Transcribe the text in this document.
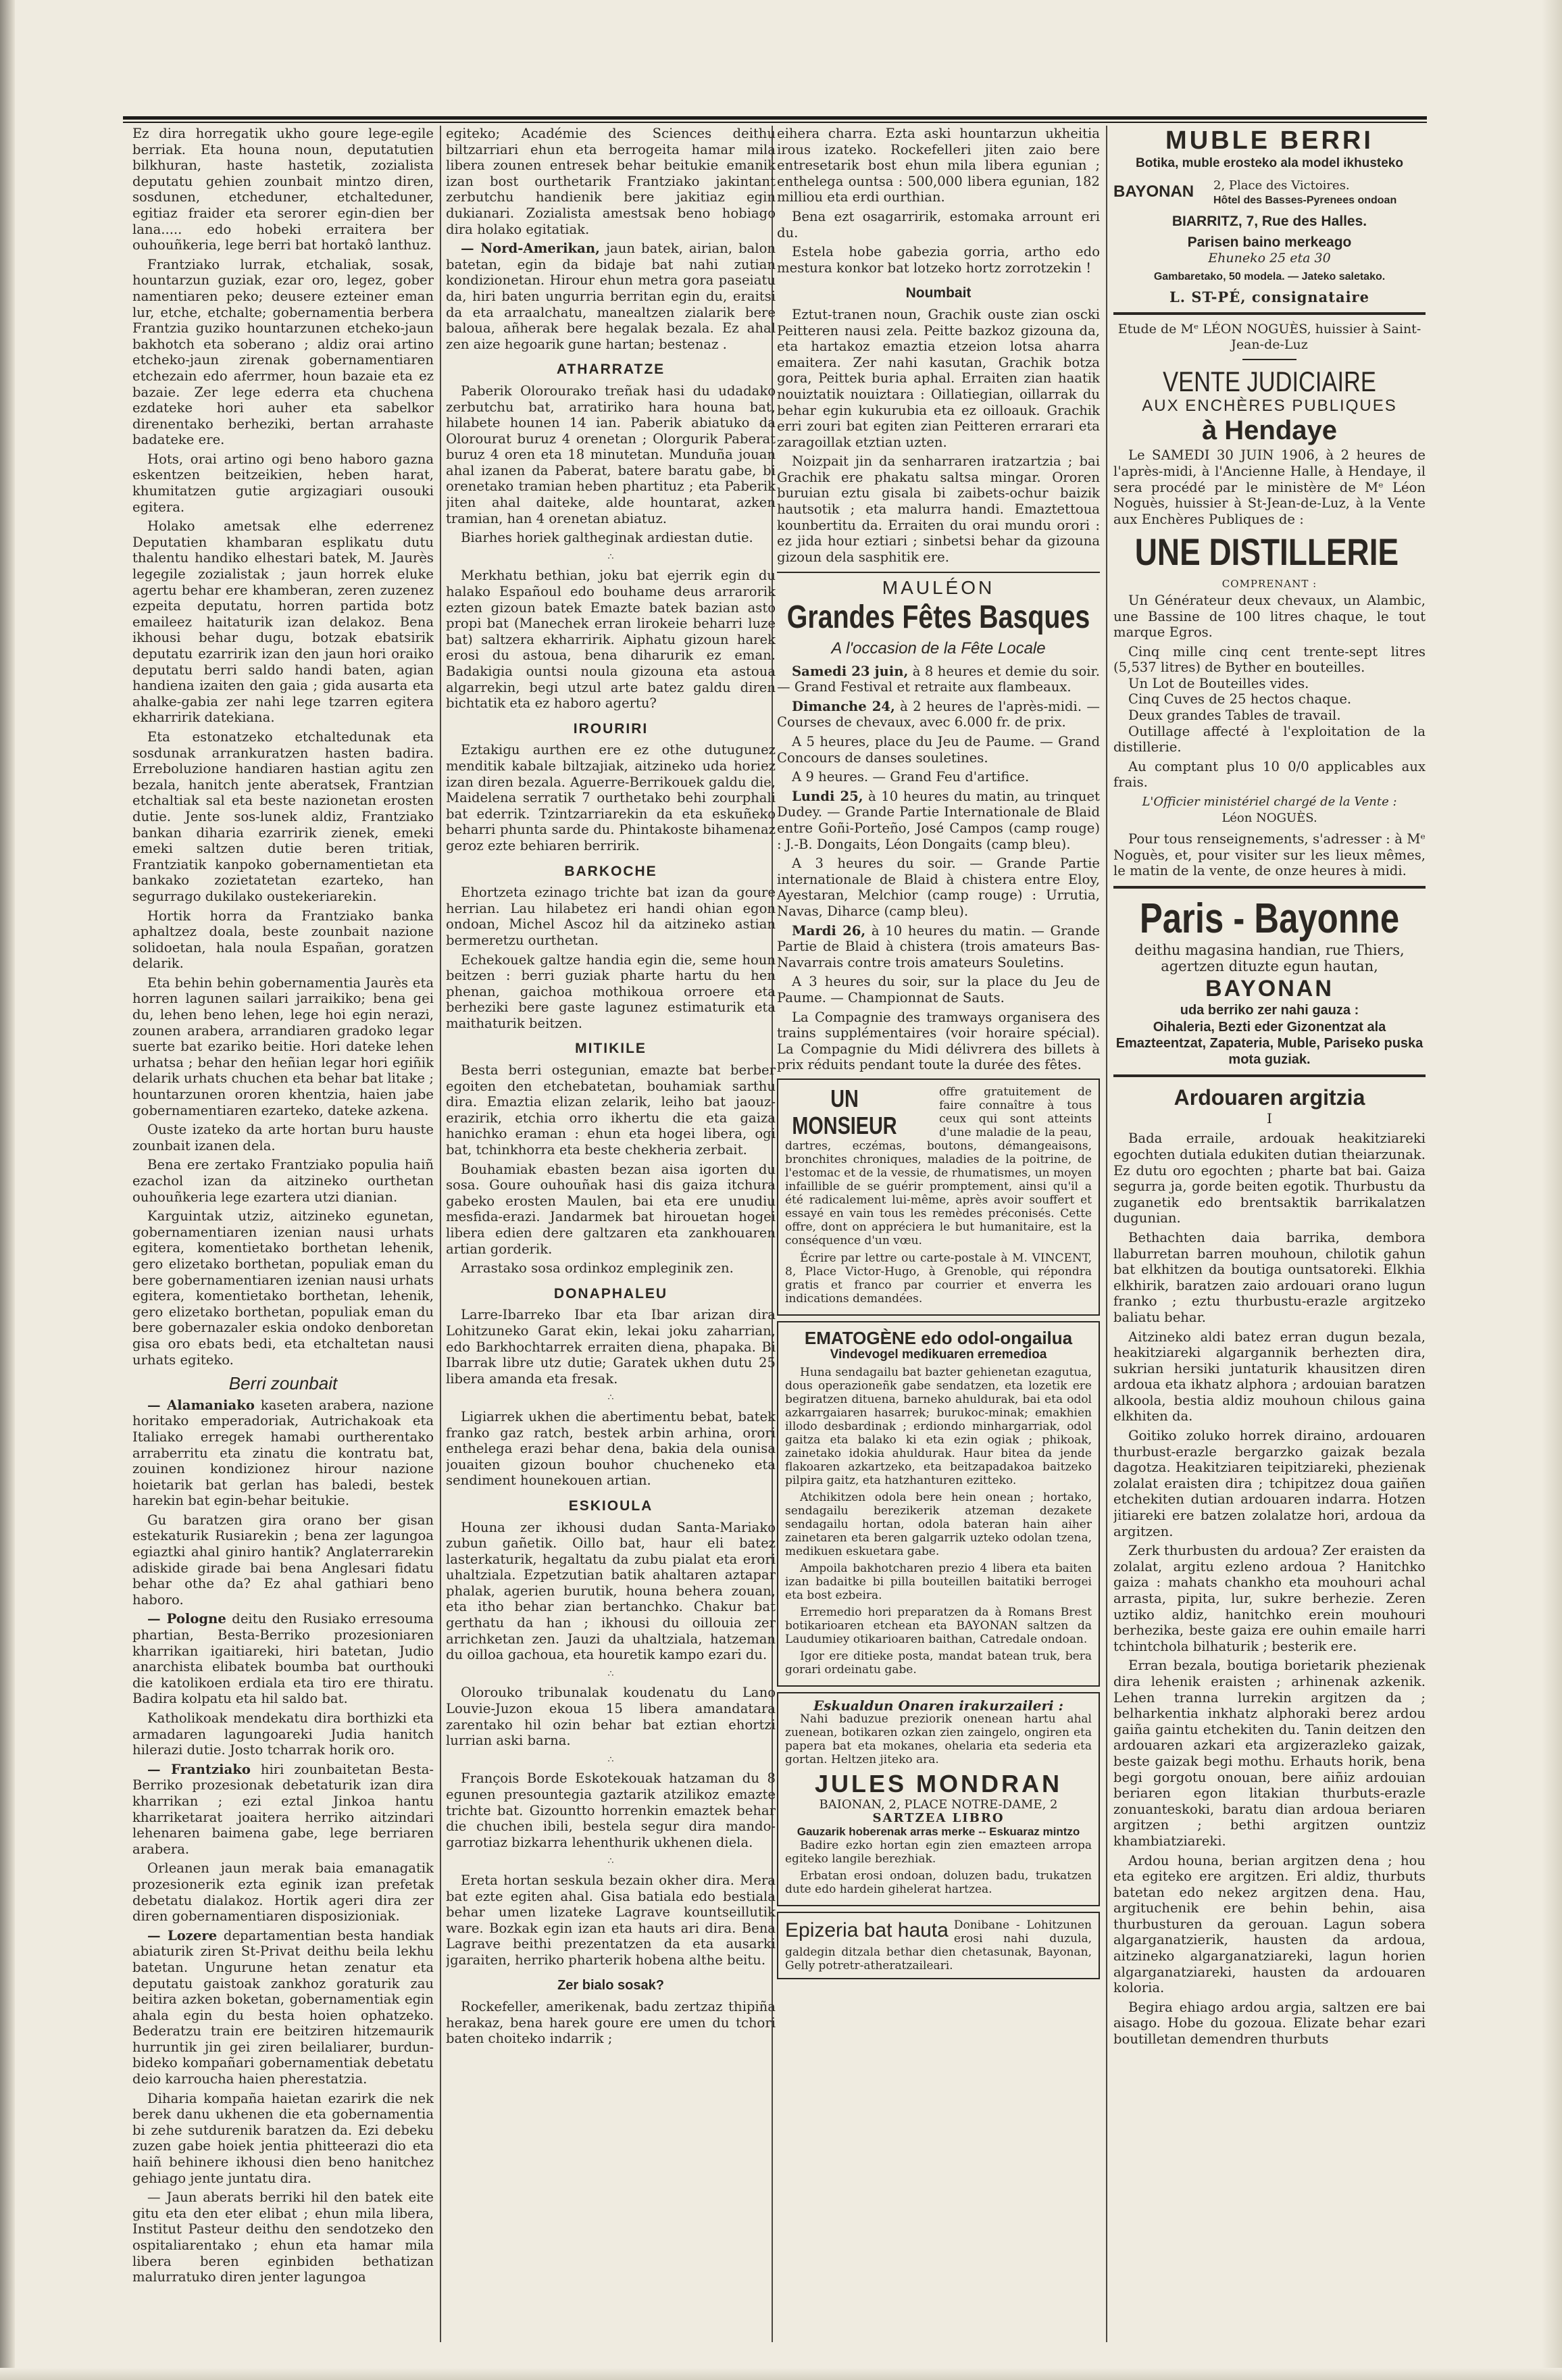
Ez dira horregatik ukho goure lege-egile berriak. Eta houna noun, deputatutien bilkhuran, haste hastetik, zozialista deputatu gehien zounbait mintzo diren, sosdunen, etcheduner, etchalteduner, egitiaz fraider eta serorer egin-dien ber lana..... edo hobeki erraitera ber ouhouñkeria, lege berri bat hortakô lanthuz.

Frantziako lurrak, etchaliak, sosak, hountarzun guziak, ezar oro, legez, gober namentiaren peko; deusere ezteiner eman lur, etche, etchalte; gobernamentia berbera Frantzia guziko hountarzunen etcheko-jaun bakhotch eta soberano ; aldiz orai artino etcheko-jaun zirenak gobernamentiaren etchezain edo aferrmer, houn bazaie eta ez bazaie. Zer lege ederra eta chuchena ezdateke hori auher eta sabelkor direnentako berheziki, bertan arrahaste badateke ere.

Hots, orai artino ogi beno haboro gazna eskentzen beitzeikien, heben harat, khumitatzen gutie argizagiari ousouki egitera.

Holako ametsak elhe ederrenez Deputatien khambaran esplikatu dutu thalentu handiko elhestari batek, M. Jaurès legegile zozialistak ; jaun horrek eluke agertu behar ere khamberan, zeren zuzenez ezpeita deputatu, horren partida botz emaileez haitaturik izan delakoz. Bena ikhousi behar dugu, botzak ebatsirik deputatu ezarririk izan den jaun hori oraiko deputatu berri saldo handi baten, agian handiena izaiten den gaia ; gida ausarta eta ahalke-gabia zer nahi lege tzarren egitera ekharririk datekiana.

Eta estonatzeko etchaltedunak eta sosdunak arrankuratzen hasten badira. Erreboluzione handiaren hastian agitu zen bezala, hanitch jente aberatsek, Frantzian etchaltiak sal eta beste nazionetan erosten dutie. Jente sos-lunek aldiz, Frantziako bankan diharia ezarririk zienek, emeki emeki saltzen dutie beren tritiak, Frantziatik kanpoko gobernamentietan eta bankako zozietatetan ezarteko, han segurrago dukilako oustekeriarekin.

Hortik horra da Frantziako banka aphaltzez doala, beste zounbait nazione solidoetan, hala noula Españan, goratzen delarik.

Eta behin behin gobernamentia Jaurès eta horren lagunen sailari jarraikiko; bena gei du, lehen beno lehen, lege hoi egin nerazi, zounen arabera, arrandiaren gradoko legar suerte bat ezariko beitie. Hori dateke lehen urhatsa ; behar den heñian legar hori egiñik delarik urhats chuchen eta behar bat litake ; hountarzunen ororen khentzia, haien jabe gobernamentiaren ezarteko, dateke azkena.

Ouste izateko da arte hortan buru hauste zounbait izanen dela.

Bena ere zertako Frantziako populia haiñ ezachol izan da aitzineko ourthetan ouhouñkeria lege ezartera utzi dianian.

Karguintak utziz, aitzineko egunetan, gobernamentiaren izenian nausi urhats egitera, komentietako borthetan lehenik, gero elizetako borthetan, populiak eman du bere gobernamentiaren izenian nausi urhats egitera, komentietako borthetan, lehenik, gero elizetako borthetan, populiak eman du bere gobernazaler eskia ondoko denboretan gisa oro ebats bedi, eta etchaltetan nausi urhats egiteko.

Berri zounbait

— Alamaniako kaseten arabera, nazione horitako emperadoriak, Autrichakoak eta Italiako erregek hamabi ourtherentako arraberritu eta zinatu die kontratu bat, zouinen kondizionez hirour nazione hoietarik bat gerlan has baledi, bestek harekin bat egin-behar beitukie.

Gu baratzen gira orano ber gisan estekaturik Rusiarekin ; bena zer lagungoa egiaztki ahal giniro hantik? Anglaterrarekin adiskide girade bai bena Anglesari fidatu behar othe da? Ez ahal gathiari beno haboro.

— Pologne deitu den Rusiako erresouma phartian, Besta-Berriko prozesioniaren kharrikan igaitiareki, hiri batetan, Judio anarchista elibatek boumba bat ourthouki die katolikoen erdiala eta tiro ere thiratu. Badira kolpatu eta hil saldo bat.

Katholikoak mendekatu dira borthizki eta armadaren lagungoareki Judia hanitch hilerazi dutie. Josto tcharrak horik oro.

— Frantziako hiri zounbaitetan Besta-Berriko prozesionak debetaturik izan dira kharrikan ; ezi eztal Jinkoa hantu kharriketarat joaitera herriko aitzindari lehenaren baimena gabe, lege berriaren arabera.

Orleanen jaun merak baia emanagatik prozesionerik ezta eginik izan prefetak debetatu dialakoz. Hortik ageri dira zer diren gobernamentiaren disposizioniak.

— Lozere departamentian besta handiak abiaturik ziren St-Privat deithu beila lekhu batetan. Ungurune hetan zenatur eta deputatu gaistoak zankhoz goraturik zau beitira azken boketan, gobernamentiak egin ahala egin du besta hoien ophatzeko. Bederatzu train ere beitziren hitzemaurik hurruntik jin gei ziren beilaliarer, burdun-bideko kompañari gobernamentiak debetatu deio karroucha haien pherestatzia.

Diharia kompaña haietan ezarirk die nek berek danu ukhenen die eta gobernamentia bi zehe sutdurenik baratzen da. Ezi debeku zuzen gabe hoiek jentia phitteerazi dio eta haiñ behinere ikhousi dien beno hanitchez gehiago jente juntatu dira.

— Jaun aberats berriki hil den batek eite gitu eta den eter elibat ; ehun mila libera, Institut Pasteur deithu den sendotzeko den ospitaliarentako ; ehun eta hamar mila libera beren eginbiden bethatizan malurratuko diren jenter lagungoa

egiteko; Académie des Sciences deithu biltzarriari ehun eta berrogeita hamar mila libera zounen entresek behar beitukie emanik izan bost ourthetarik Frantziako jakintant zerbutchu handienik bere jakitiaz egin dukianari. Zozialista amestsak beno hobiago dira holako egitatiak.

— Nord-Amerikan, jaun batek, airian, balon batetan, egin da bidaje bat nahi zutian kondizionetan. Hirour ehun metra gora paseiatu da, hiri baten ungurria berritan egin du, eraitsi da eta arraalchatu, manealtzen zialarik bere baloua, añherak bere hegalak bezala. Ez ahal zen aize hegoarik gune hartan; bestenaz .

ATHARRATZE

Paberik Olorourako treñak hasi du udadako zerbutchu bat, arratiriko hara houna bat, hilabete hounen 14 ian. Paberik abiatuko da Olorourat buruz 4 orenetan ; Olorgurik Paberat buruz 4 oren eta 18 minutetan. Munduña jouan ahal izanen da Paberat, batere baratu gabe, bi orenetako tramian heben phartituz ; eta Paberik jiten ahal daiteke, alde hountarat, azken tramian, han 4 orenetan abiatuz.

Biarhes horiek galtheginak ardiestan dutie.

∴

Merkhatu bethian, joku bat ejerrik egin du halako Españoul edo bouhame deus arrarorik ezten gizoun batek Emazte batek bazian asto propi bat (Manechek erran lirokeie beharri luze bat) saltzera ekharririk. Aiphatu gizoun harek erosi du astoua, bena diharurik ez eman. Badakigia ountsi noula gizouna eta astoua algarrekin, begi utzul arte batez galdu diren bichtatik eta ez haboro agertu?

IROURIRI

Eztakigu aurthen ere ez othe dutugunez menditik kabale biltzajiak, aitzineko uda horiez izan diren bezala. Aguerre-Berrikouek galdu die, Maidelena serratik 7 ourthetako behi zourphali bat ederrik. Tzintzarriarekin da eta eskuñeko beharri phunta sarde du. Phintakoste bihamenaz geroz ezte behiaren berririk.

BARKOCHE

Ehortzeta ezinago trichte bat izan da goure herrian. Lau hilabetez eri handi ohian egon ondoan, Michel Ascoz hil da aitzineko astian bermeretzu ourthetan.

Echekouek galtze handia egin die, seme houn beitzen : berri guziak pharte hartu du hen phenan, gaichoa mothikoua orroere eta berheziki bere gaste lagunez estimaturik eta maithaturik beitzen.

MITIKILE

Besta berri ostegunian, emazte bat berber egoiten den etchebatetan, bouhamiak sarthu dira. Emaztia elizan zelarik, leiho bat jaouz-erazirik, etchia orro ikhertu die eta gaiza hanichko eraman : ehun eta hogei libera, ogi bat, tchinkhorra eta beste chekheria zerbait.

Bouhamiak ebasten bezan aisa igorten du sosa. Goure ouhouñak hasi dis gaiza itchura gabeko erosten Maulen, bai eta ere unudiu mesfida-erazi. Jandarmek bat hirouetan hogei libera edien dere galtzaren eta zankhouaren artian gorderik.

Arrastako sosa ordinkoz empleginik zen.

DONAPHALEU

Larre-Ibarreko Ibar eta Ibar arizan dira Lohitzuneko Garat ekin, lekai joku zaharrian, edo Barkhochtarrek erraiten diena, phapaka. Bi Ibarrak libre utz dutie; Garatek ukhen dutu 25 libera amanda eta fresak.

∴

Ligiarrek ukhen die abertimentu bebat, batek franko gaz ratch, bestek arbin arhina, orori enthelega erazi behar dena, bakia dela ounisa jouaiten gizoun bouhor chucheneko eta sendiment hounekouen artian.

ESKIOULA

Houna zer ikhousi dudan Santa-Mariako zubun gañetik. Oillo bat, haur eli batez lasterkaturik, hegaltatu da zubu pialat eta erori uhaltziala. Ezpetzutian batik ahaltaren aztapar phalak, agerien burutik, houna behera zouan, eta itho behar zian bertanchko. Chakur bat gerthatu da han ; ikhousi du oillouia zer arrichketan zen. Jauzi da uhaltziala, hatzeman du oilloa gachoua, eta houretik kampo ezari du.

∴

Olorouko tribunalak koudenatu du Lano Louvie-Juzon ekoua 15 libera amandatara zarentako hil ozin behar bat eztian ehortzi lurrian aski barna.

∴

François Borde Eskotekouak hatzaman du 8 egunen presountegia gaztarik atzilikoz emazte trichte bat. Gizountto horrenkin emaztek behar die chuchen ibili, bestela segur dira mando-garrotiaz bizkarra lehenthurik ukhenen diela.

∴

Ereta hortan seskula bezain okher dira. Mera bat ezte egiten ahal. Gisa batiala edo bestiala behar umen lizateke Lagrave kountseillutik ware. Bozkak egin izan eta hauts ari dira. Bena Lagrave beithi prezentatzen da eta ausarki jgaraiten, herriko pharterik hobena althe beitu.

Zer bialo sosak?

Rockefeller, amerikenak, badu zertzaz thipiña herakaz, bena harek goure ere umen du tchori baten choiteko indarrik ;

eihera charra. Ezta aski hountarzun ukheitia irous izateko. Rockefelleri jiten zaio bere entresetarik bost ehun mila libera egunian ; enthelega ountsa : 500,000 libera egunian, 182 milliou eta erdi ourthian.

Bena ezt osagarririk, estomaka arrount eri du.

Estela hobe gabezia gorria, artho edo mestura konkor bat lotzeko hortz zorrotzekin !

Noumbait

Eztut-tranen noun, Grachik ouste zian oscki Peitteren nausi zela. Peitte bazkoz gizouna da, eta hartakoz emaztia etzeion lotsa aharra emaitera. Zer nahi kasutan, Grachik botza gora, Peittek buria aphal. Erraiten zian haatik nouiztatik nouiztara : Oillatiegian, oillarrak du behar egin kukurubia eta ez oilloauk. Grachik erri zouri bat egiten zian Peitteren errarari eta zaragoillak etztian uzten.

Noizpait jin da senharraren iratzartzia ; bai Grachik ere phakatu saltsa mingar. Ororen buruian eztu gisala bi zaibets-ochur baizik hautsotik ; eta malurra handi. Emaztettoua kounbertitu da. Erraiten du orai mundu orori : ez jida hour eztiari ; sinbetsi behar da gizouna gizoun dela sasphitik ere.

MAULÉON
Grandes Fêtes Basques
A l'occasion de la Fête Locale

Samedi 23 juin, à 8 heures et demie du soir. — Grand Festival et retraite aux flambeaux.

Dimanche 24, à 2 heures de l'après-midi. — Courses de chevaux, avec 6.000 fr. de prix.

A 5 heures, place du Jeu de Paume. — Grand Concours de danses souletines.

A 9 heures. — Grand Feu d'artifice.

Lundi 25, à 10 heures du matin, au trinquet Dudey. — Grande Partie Internationale de Blaid entre Goñi-Porteño, José Campos (camp rouge) : J.-B. Dongaits, Léon Dongaits (camp bleu).

A 3 heures du soir. — Grande Partie internationale de Blaid à chistera entre Eloy, Ayestaran, Melchior (camp rouge) : Urrutia, Navas, Diharce (camp bleu).

Mardi 26, à 10 heures du matin. — Grande Partie de Blaid à chistera (trois amateurs Bas-Navarrais contre trois amateurs Souletins.

A 3 heures du soir, sur la place du Jeu de Paume. — Championnat de Sauts.

La Compagnie des tramways organisera des trains supplémentaires (voir horaire spécial). La Compagnie du Midi délivrera des billets à prix réduits pendant toute la durée des fêtes.

UN MONSIEUR
offre gratuitement de faire connaître à tous ceux qui sont atteints d'une maladie de la peau, dartres, eczémas, boutons, démangeaisons, bronchites chroniques, maladies de la poitrine, de l'estomac et de la vessie, de rhumatismes, un moyen infaillible de se guérir promptement, ainsi qu'il a été radicalement lui-même, après avoir souffert et essayé en vain tous les remèdes préconisés. Cette offre, dont on appréciera le but humanitaire, est la conséquence d'un vœu.

Écrire par lettre ou carte-postale à M. VINCENT, 8, Place Victor-Hugo, à Grenoble, qui répondra gratis et franco par courrier et enverra les indications demandées.

EMATOGÈNE edo odol-ongailua
Vindevogel medikuaren erremedioa

Huna sendagailu bat bazter gehienetan ezagutua, dous operazioneñk gabe sendatzen, eta lozetik ere begiratzen dituena, barneko ahuldurak, bai eta odol azkarrgaiaren hasarrek; burukoc-minak; emakhien illodo desbardinak ; erdiondo minhargarriak, odol gaitza eta balako ki eta ezin ogiak ; phikoak, zainetako idokia ahuldurak. Haur bitea da jende flakoaren azkartzeko, eta beitzapadakoa baitzeko pilpira gaitz, eta hatzhanturen ezitteko.

Atchikitzen odola bere hein onean ; hortako, sendagailu berezikerik atzeman dezakete sendagailu hortan, odola bateran hain aiher zainetaren eta beren galgarrik uzteko odolan tzena, medikuen eskuetara gabe.

Ampoila bakhotcharen prezio 4 libera eta baiten izan badaitke bi pilla bouteillen baitatiki berrogei eta bost ezbeira.

Erremedio hori preparatzen da à Romans Brest botikarioaren etchean eta BAYONAN saltzen da Laudumiey otikarioaren baithan, Catredale ondoan.

Igor ere ditieke posta, mandat batean truk, bera gorari ordeinatu gabe.

Eskualdun Onaren irakurzaileri :

Nahi baduzue preziorik onenean hartu ahal zuenean, botikaren ozkan zien zaingelo, ongiren eta papera bat eta mokanes, ohelaria eta sederia eta gortan. Heltzen jiteko ara.

JULES MONDRAN
BAIONAN, 2, PLACE NOTRE-DAME, 2
SARTZEA LIBRO
Gauzarik hoberenak arras merke -- Eskuaraz mintzo

Badire ezko hortan egin zien emazteen arropa egiteko langile berezhiak.

Erbatan erosi ondoan, doluzen badu, trukatzen dute edo hardein gihelerat hartzea.

Epizeria bat hauta Donibane - Lohitzunen erosi nahi duzula, galdegin ditzala bethar dien chetasunak, Bayonan, Gelly potretr-atheratzaileari.
MUBLE BERRI
Botika, muble erosteko ala model ikhusteko
BAYONAN 2, Place des Victoires.
Hôtel des Basses-Pyrenees ondoan
BIARRITZ, 7, Rue des Halles.
Parisen baino merkeago
Ehuneko 25 eta 30
Gambaretako, 50 modela. — Jateko saletako.
L. ST-PÉ, consignataire
Etude de Mᵉ LÉON NOGUÈS, huissier à Saint-Jean-de-Luz
VENTE JUDICIAIRE
AUX ENCHÈRES PUBLIQUES
à Hendaye

Le SAMEDI 30 JUIN 1906, à 2 heures de l'après-midi, à l'Ancienne Halle, à Hendaye, il sera procédé par le ministère de Mᵉ Léon Noguès, huissier à St-Jean-de-Luz, à la Vente aux Enchères Publiques de :

UNE DISTILLERIE
COMPRENANT :

Un Générateur deux chevaux, un Alambic, une Bassine de 100 litres chaque, le tout marque Egros.

Cinq mille cinq cent trente-sept litres (5,537 litres) de Byther en bouteilles.

Un Lot de Bouteilles vides.

Cinq Cuves de 25 hectos chaque.

Deux grandes Tables de travail.

Outillage affecté à l'exploitation de la distillerie.

Au comptant plus 10 0/0 applicables aux frais.

L'Officier ministériel chargé de la Vente :
Léon NOGUÈS.

Pour tous renseignements, s'adresser : à Mᵉ Noguès, et, pour visiter sur les lieux mêmes, le matin de la vente, de onze heures à midi.

Paris - Bayonne
deithu magasina handian, rue Thiers, agertzen dituzte egun hautan,
BAYONAN
uda berriko zer nahi gauza :
Oihaleria, Bezti eder Gizonentzat ala Emazteentzat, Zapateria, Muble, Pariseko puska mota guziak.
Ardouaren argitzia
I

Bada erraile, ardouak heakitziareki egochten dutiala edukiten dutian theiarzunak. Ez dutu oro egochten ; pharte bat bai. Gaiza segurra ja, gorde beiten egotik. Thurbustu da zuganetik edo brentsaktik barrikalatzen dugunian.

Bethachten daia barrika, dembora llaburretan barren mouhoun, chilotik gahun bat elkhitzen da boutiga ountsatoreki. Elkhia elkhirik, baratzen zaio ardouari orano lugun franko ; eztu thurbustu-erazle argitzeko baliatu behar.

Aitzineko aldi batez erran dugun bezala, heakitziareki algargannik berhezten dira, sukrian hersiki juntaturik khausitzen diren ardoua eta ikhatz alphora ; ardouian baratzen alkoola, bestia aldiz mouhoun chilous gaina elkhiten da.

Goitiko zoluko horrek diraino, ardouaren thurbust-erazle bergarzko gaizak bezala dagotza. Heakitziaren teipitziareki, phezienak zolalat eraisten dira ; tchipitzez doua gaiñen etchekiten dutian ardouaren indarra. Hotzen jitiareki ere batzen zolalatze hori, ardoua da argitzen.

Zerk thurbusten du ardoua? Zer eraisten da zolalat, argitu ezleno ardoua ? Hanitchko gaiza : mahats chankho eta mouhouri achal arrasta, pipita, lur, sukre berhezie. Zeren uztiko aldiz, hanitchko erein mouhouri berhezika, beste gaiza ere ouhin emaile harri tchintchola bilhaturik ; besterik ere.

Erran bezala, boutiga borietarik phezienak dira lehenik eraisten ; arhinenak azkenik. Lehen tranna lurrekin argitzen da ; belharkentia inkhatz alphoraki berez ardou gaiña gaintu etchekiten du. Tanin deitzen den ardouaren azkari eta argizerazleko gaizak, beste gaizak begi mothu. Erhauts horik, bena begi gorgotu onouan, bere aiñiz ardouian beriaren egon litakian thurbuts-erazle zonuanteskoki, baratu dian ardoua beriaren argitzen ; bethi argitzen ountziz khambiatziareki.

Ardou houna, berian argitzen dena ; hou eta egiteko ere argitzen. Eri aldiz, thurbuts batetan edo nekez argitzen dena. Hau, argituchenik ere behin behin, aisa thurbusturen da gerouan. Lagun sobera algarganatzierik, hausten da ardoua, aitzineko algarganatziareki, lagun horien algarganatziareki, hausten da ardouaren koloria.

Begira ehiago ardou argia, saltzen ere bai aisago. Hobe du gozoua. Elizate behar ezari boutilletan demendren thurbuts
